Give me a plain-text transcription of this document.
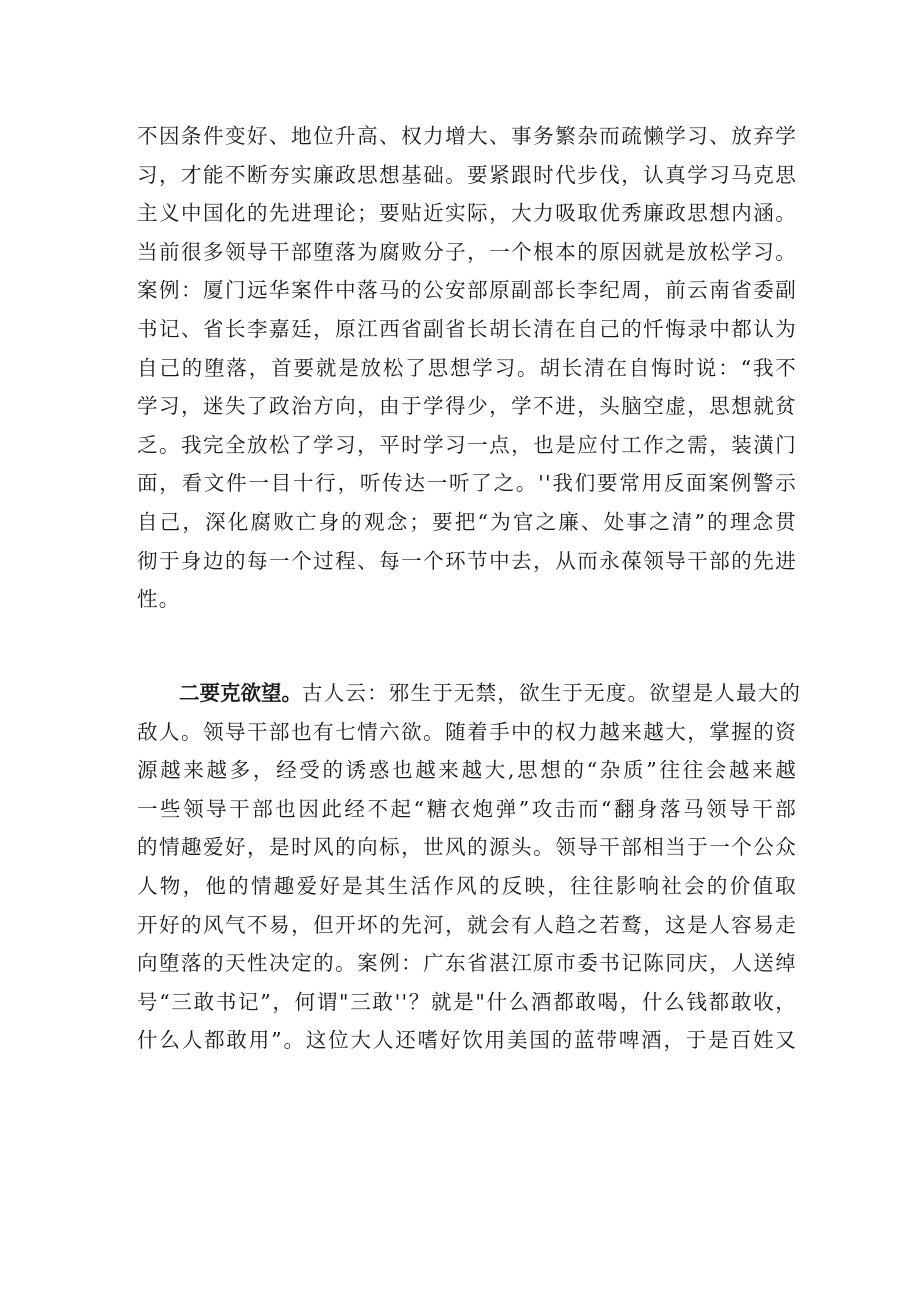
不因条件变好、地位升高、权力增大、事务繁杂而疏懒学习、放弃学
习，才能不断夯实廉政思想基础。要紧跟时代步伐，认真学习马克思
主义中国化的先进理论；要贴近实际，大力吸取优秀廉政思想内涵。
当前很多领导干部堕落为腐败分子，一个根本的原因就是放松学习。
案例：厦门远华案件中落马的公安部原副部长李纪周，前云南省委副
书记、省长李嘉廷，原江西省副省长胡长清在自己的忏悔录中都认为
自己的堕落，首要就是放松了思想学习。胡长清在自悔时说：“我不
学习，迷失了政治方向，由于学得少，学不进，头脑空虚，思想就贫
乏。我完全放松了学习，平时学习一点，也是应付工作之需，装潢门
面，看文件一目十行，听传达一听了之。''我们要常用反面案例警示
自己，深化腐败亡身的观念；要把“为官之廉、处事之清”的理念贯
彻于身边的每一个过程、每一个环节中去，从而永葆领导干部的先进
性。
二要克欲望。古人云：邪生于无禁，欲生于无度。欲望是人最大的
敌人。领导干部也有七情六欲。随着手中的权力越来越大，掌握的资
源越来越多，经受的诱惑也越来越大,思想的“杂质”往往会越来越
一些领导干部也因此经不起“糖衣炮弹”攻击而“翻身落马领导干部
的情趣爱好，是时风的向标，世风的源头。领导干部相当于一个公众
人物，他的情趣爱好是其生活作风的反映，往往影响社会的价值取
开好的风气不易，但开坏的先河，就会有人趋之若鹜，这是人容易走
向堕落的天性决定的。案例：广东省湛江原市委书记陈同庆，人送绰
号“三敢书记”，何谓"三敢''？就是"什么酒都敢喝，什么钱都敢收，
什么人都敢用”。这位大人还嗜好饮用美国的蓝带啤酒，于是百姓又
